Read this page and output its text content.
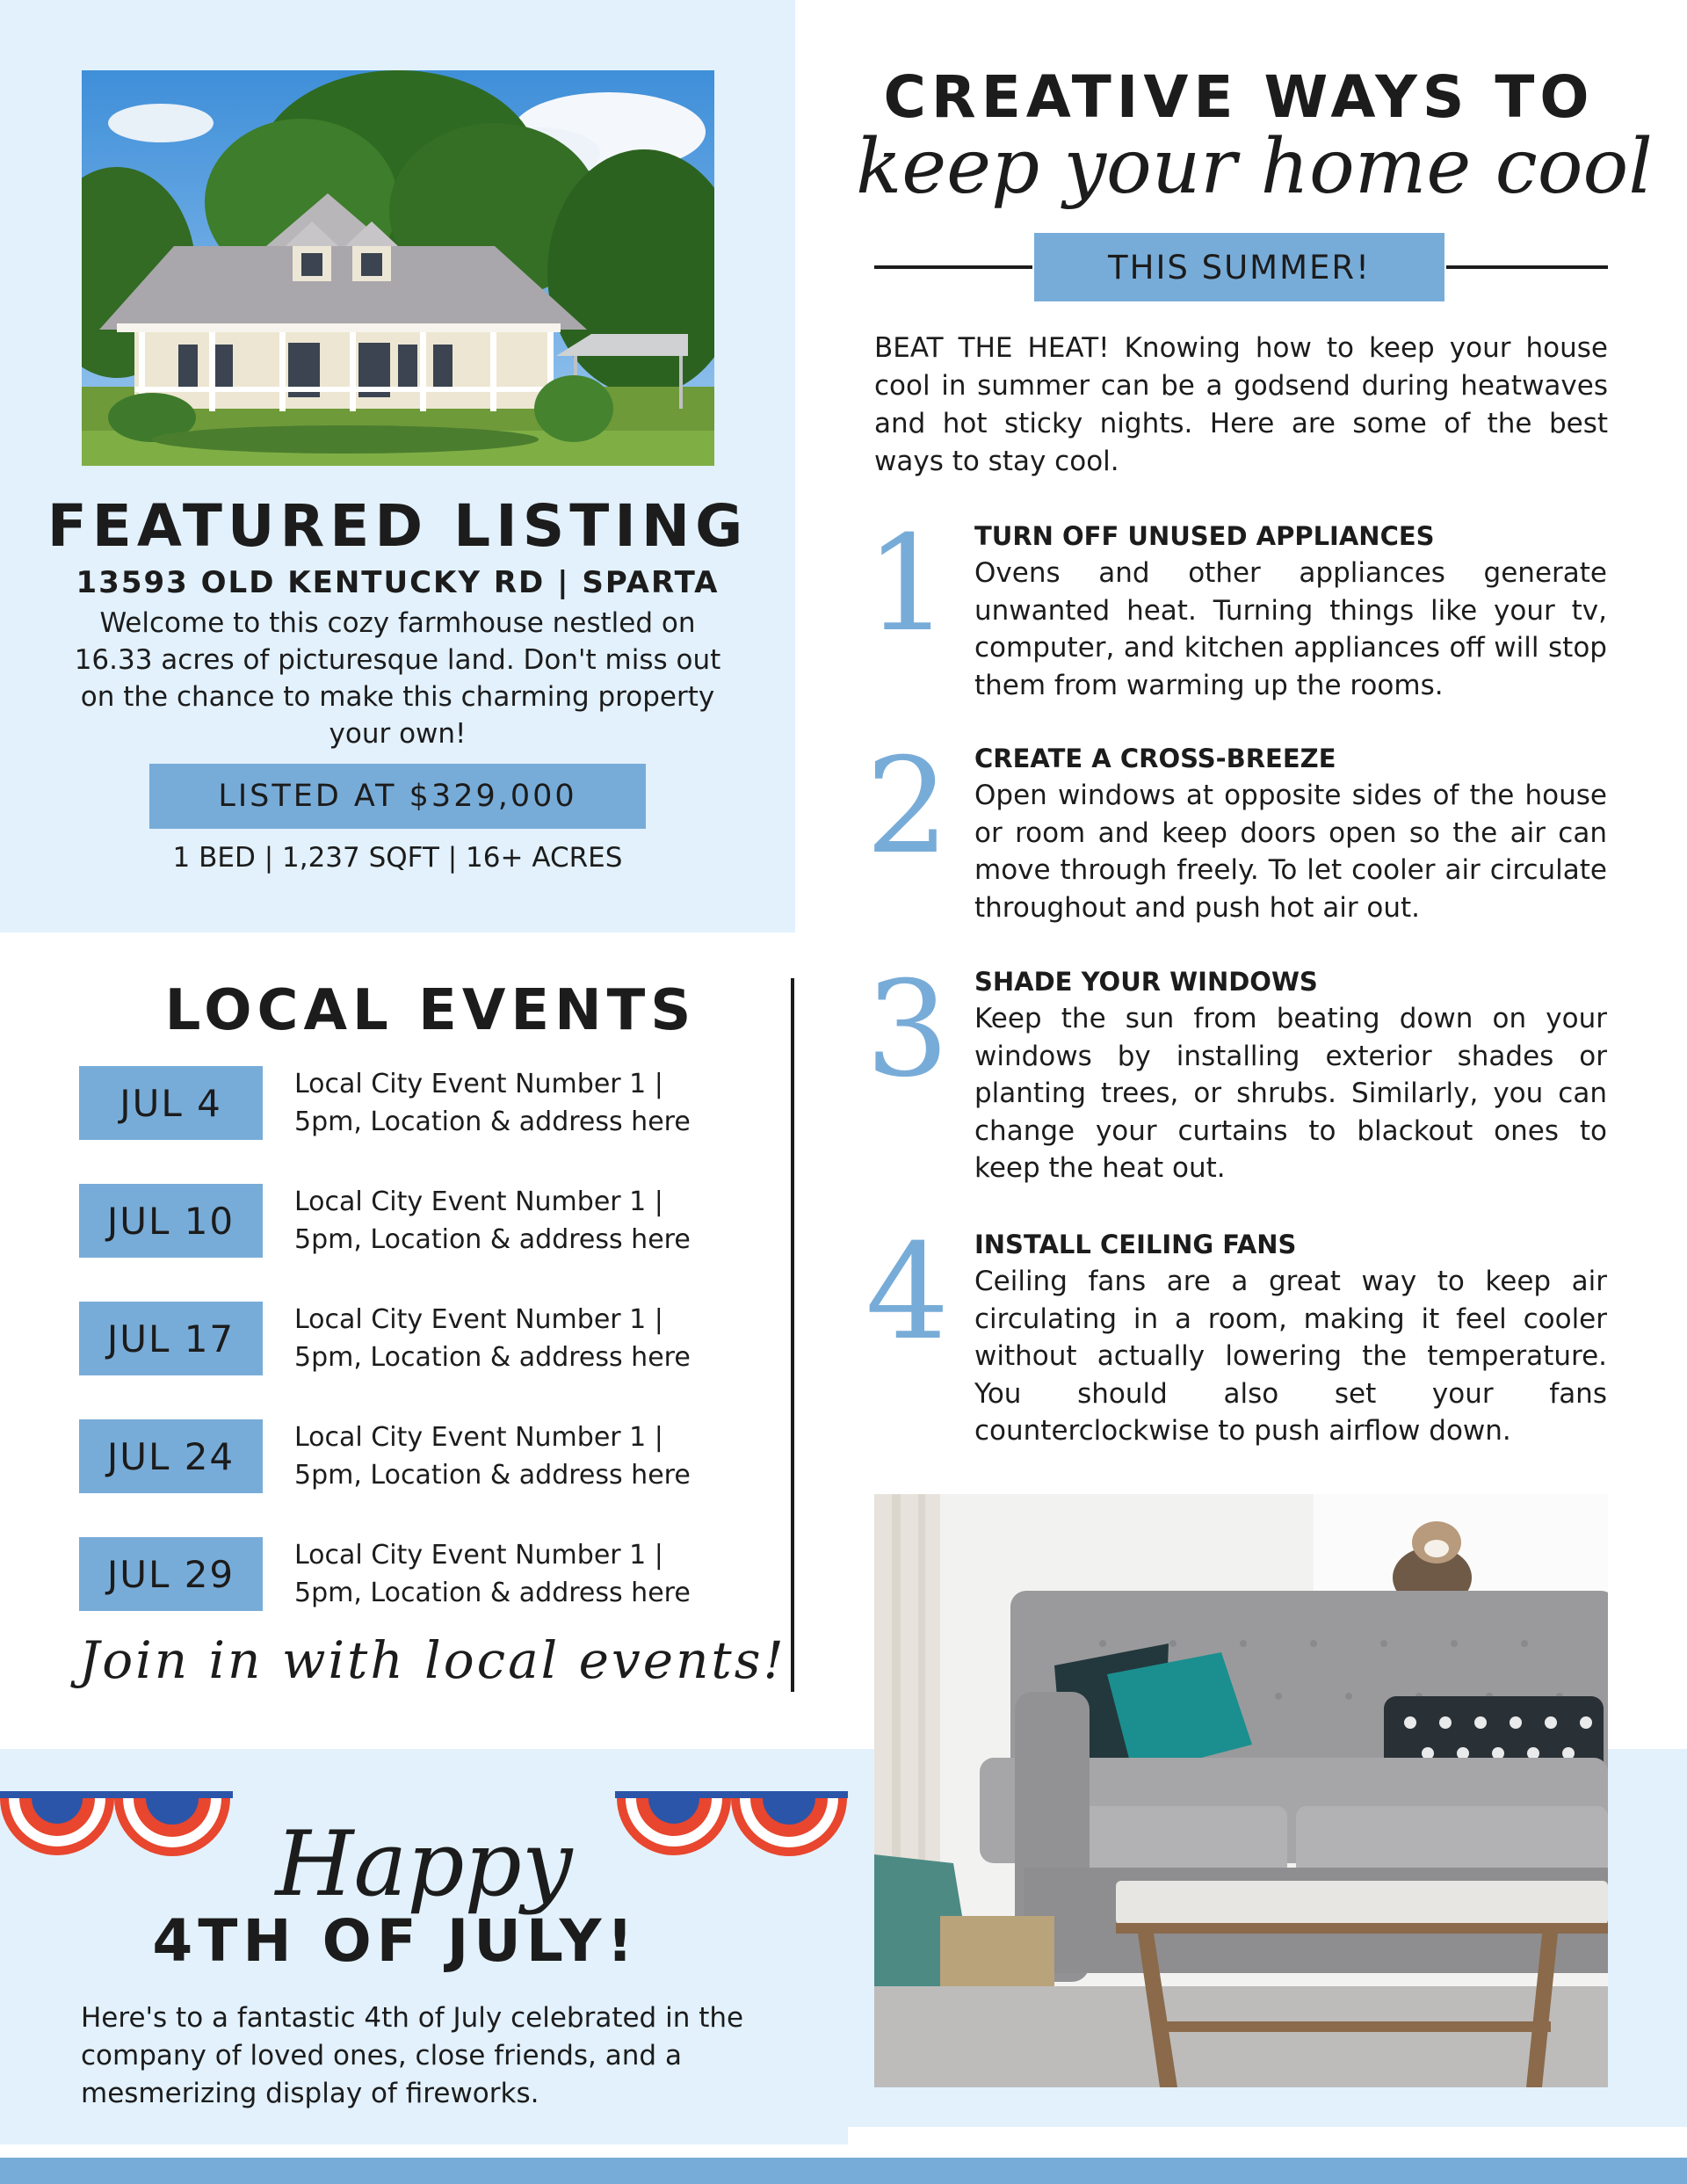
FEATURED LISTING
13593 OLD KENTUCKY RD | SPARTA
Welcome to this cozy farmhouse nestled on 16.33 acres of picturesque land. Don't miss out on the chance to make this charming property your own!
LISTED AT $329,000
1 BED | 1,237 SQFT | 16+ ACRES
LOCAL EVENTS
JUL 4	Local City Event Number 1 |
5pm, Location & address here
JUL 10	Local City Event Number 1 |
5pm, Location & address here
JUL 17	Local City Event Number 1 |
5pm, Location & address here
JUL 24	Local City Event Number 1 |
5pm, Location & address here
JUL 29	Local City Event Number 1 |
5pm, Location & address here
Join in with local events!
Happy
4TH OF JULY!
Here's to a fantastic 4th of July celebrated in the company of loved ones, close friends, and a mesmerizing display of fireworks.
CREATIVE WAYS TO
keep your home cool
THIS SUMMER!
BEAT THE HEAT! Knowing how to keep your house cool in summer can be a godsend during heatwaves and hot sticky nights. Here are some of the best ways to stay cool.
1 TURN OFF UNUSED APPLIANCES
Ovens and other appliances generate unwanted heat. Turning things like your tv, computer, and kitchen appliances off will stop them from warming up the rooms.
2 CREATE A CROSS-BREEZE
Open windows at opposite sides of the house or room and keep doors open so the air can move through freely. To let cooler air circulate throughout and push hot air out.
3 SHADE YOUR WINDOWS
Keep the sun from beating down on your windows by installing exterior shades or planting trees, or shrubs. Similarly, you can change your curtains to blackout ones to keep the heat out.
4 INSTALL CEILING FANS
Ceiling fans are a great way to keep air circulating in a room, making it feel cooler without actually lowering the temperature. You should also set your fans counterclockwise to push airflow down.
